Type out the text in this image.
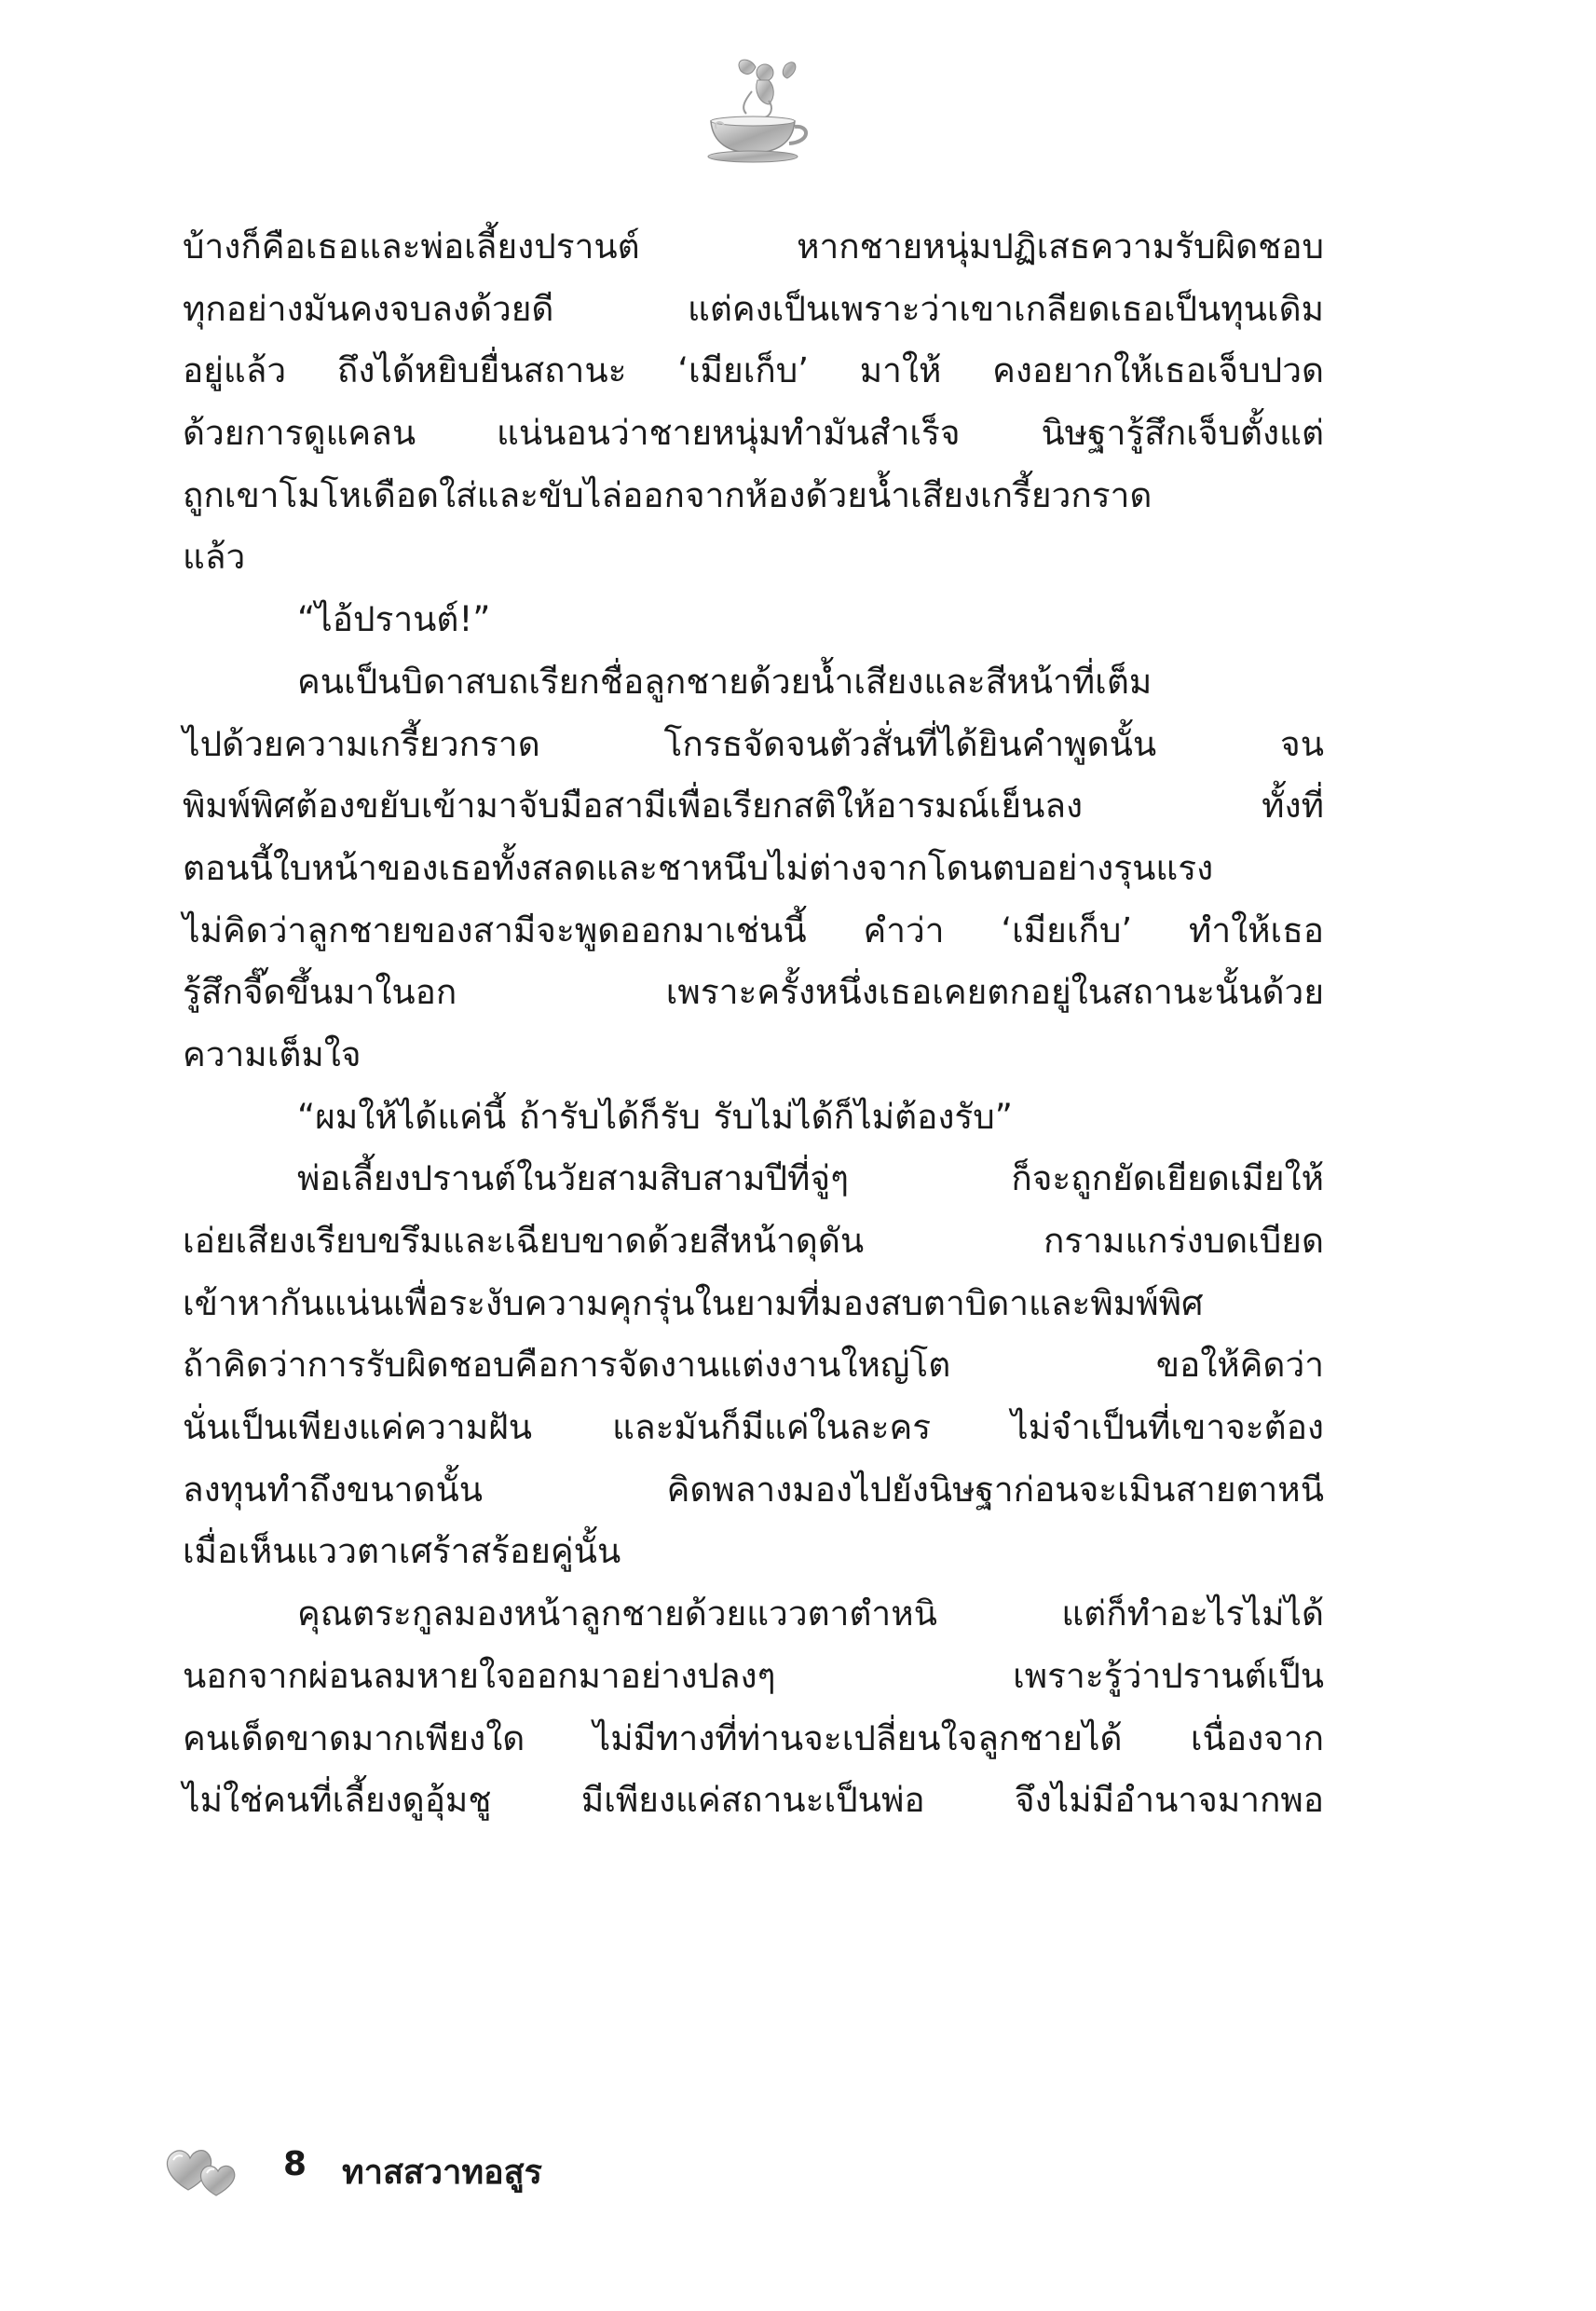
บ้างก็คือเธอและพ่อเลี้ยงปรานต์ หากชายหนุ่มปฏิเสธความรับผิดชอบ
ทุกอย่างมันคงจบลงด้วยดี แต่คงเป็นเพราะว่าเขาเกลียดเธอเป็นทุนเดิม
อยู่แล้ว ถึงได้หยิบยื่นสถานะ ‘เมียเก็บ’ มาให้ คงอยากให้เธอเจ็บปวด
ด้วยการดูแคลน แน่นอนว่าชายหนุ่มทำมันสำเร็จ นิษฐารู้สึกเจ็บตั้งแต่
ถูกเขาโมโหเดือดใส่และขับไล่ออกจากห้องด้วยน้ำเสียงเกรี้ยวกราด
แล้ว
“ไอ้ปรานต์!”
คนเป็นบิดาสบถเรียกชื่อลูกชายด้วยน้ำเสียงและสีหน้าที่เต็ม
ไปด้วยความเกรี้ยวกราด โกรธจัดจนตัวสั่นที่ได้ยินคำพูดนั้น จน
พิมพ์พิศต้องขยับเข้ามาจับมือสามีเพื่อเรียกสติให้อารมณ์เย็นลง ทั้งที่
ตอนนี้ใบหน้าของเธอทั้งสลดและชาหนึบไม่ต่างจากโดนตบอย่างรุนแรง
ไม่คิดว่าลูกชายของสามีจะพูดออกมาเช่นนี้ คำว่า ‘เมียเก็บ’ ทำให้เธอ
รู้สึกจี๊ดขึ้นมาในอก เพราะครั้งหนึ่งเธอเคยตกอยู่ในสถานะนั้นด้วย
ความเต็มใจ
“ผมให้ได้แค่นี้ ถ้ารับได้ก็รับ รับไม่ได้ก็ไม่ต้องรับ”
พ่อเลี้ยงปรานต์ในวัยสามสิบสามปีที่จู่ๆ ก็จะถูกยัดเยียดเมียให้
เอ่ยเสียงเรียบขรึมและเฉียบขาดด้วยสีหน้าดุดัน กรามแกร่งบดเบียด
เข้าหากันแน่นเพื่อระงับความคุกรุ่นในยามที่มองสบตาบิดาและพิมพ์พิศ
ถ้าคิดว่าการรับผิดชอบคือการจัดงานแต่งงานใหญ่โต ขอให้คิดว่า
นั่นเป็นเพียงแค่ความฝัน และมันก็มีแค่ในละคร ไม่จำเป็นที่เขาจะต้อง
ลงทุนทำถึงขนาดนั้น คิดพลางมองไปยังนิษฐาก่อนจะเมินสายตาหนี
เมื่อเห็นแววตาเศร้าสร้อยคู่นั้น
คุณตระกูลมองหน้าลูกชายด้วยแววตาตำหนิ แต่ก็ทำอะไรไม่ได้
นอกจากผ่อนลมหายใจออกมาอย่างปลงๆ เพราะรู้ว่าปรานต์เป็น
คนเด็ดขาดมากเพียงใด ไม่มีทางที่ท่านจะเปลี่ยนใจลูกชายได้ เนื่องจาก
ไม่ใช่คนที่เลี้ยงดูอุ้มชู มีเพียงแค่สถานะเป็นพ่อ จึงไม่มีอำนาจมากพอ
8 ทาสสวาทอสูร
